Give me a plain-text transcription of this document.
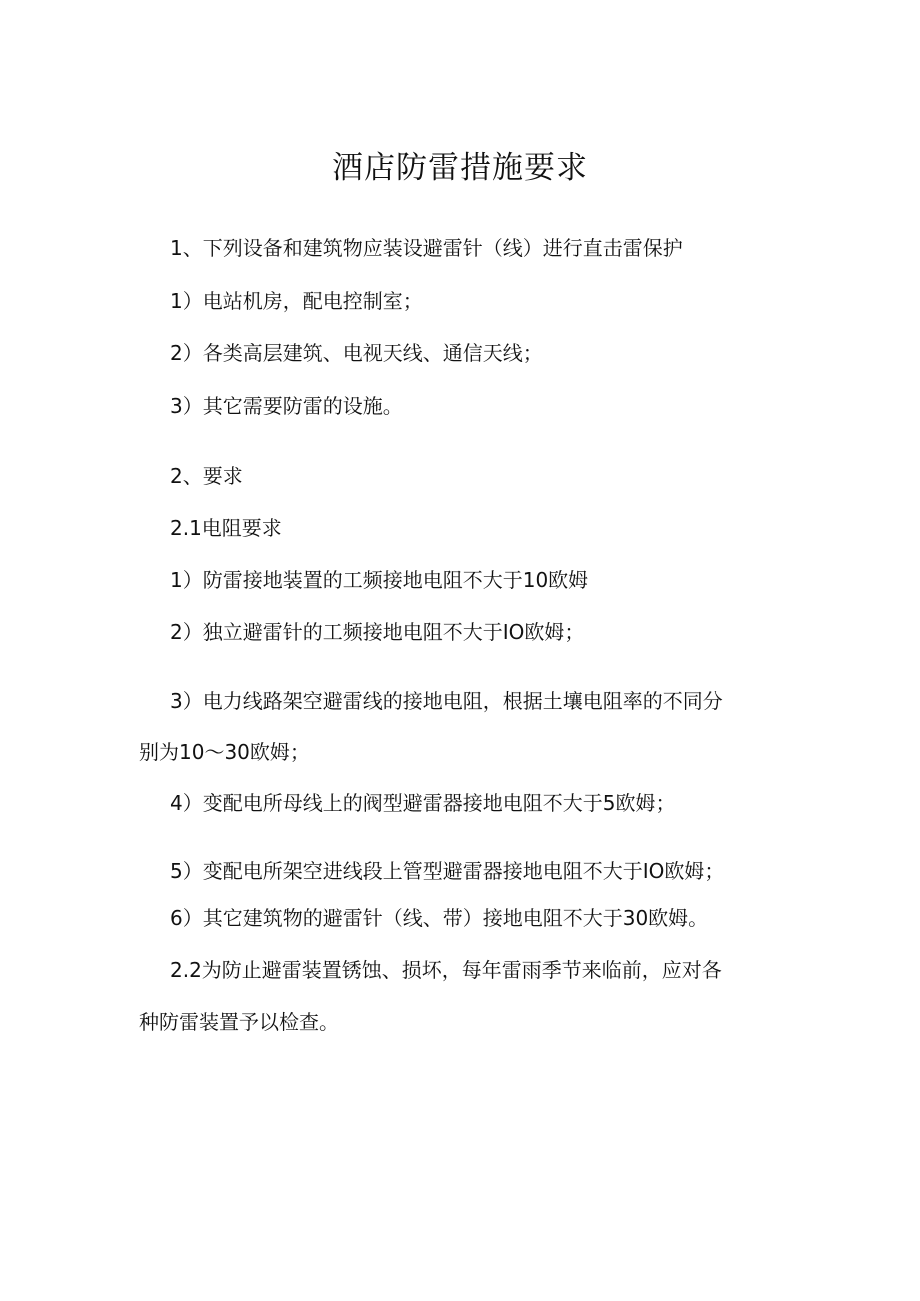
酒店防雷措施要求
1、下列设备和建筑物应装设避雷针（线）进行直击雷保护
1）电站机房，配电控制室；
2）各类高层建筑、电视天线、通信天线；
3）其它需要防雷的设施。
2、要求
2.1电阻要求
1）防雷接地装置的工频接地电阻不大于10欧姆
2）独立避雷针的工频接地电阻不大于IO欧姆；
3）电力线路架空避雷线的接地电阻，根据土壤电阻率的不同分
别为10～30欧姆；
4）变配电所母线上的阀型避雷器接地电阻不大于5欧姆；
5）变配电所架空进线段上管型避雷器接地电阻不大于IO欧姆；
6）其它建筑物的避雷针（线、带）接地电阻不大于30欧姆。
2.2为防止避雷装置锈蚀、损坏，每年雷雨季节来临前，应对各
种防雷装置予以检查。
